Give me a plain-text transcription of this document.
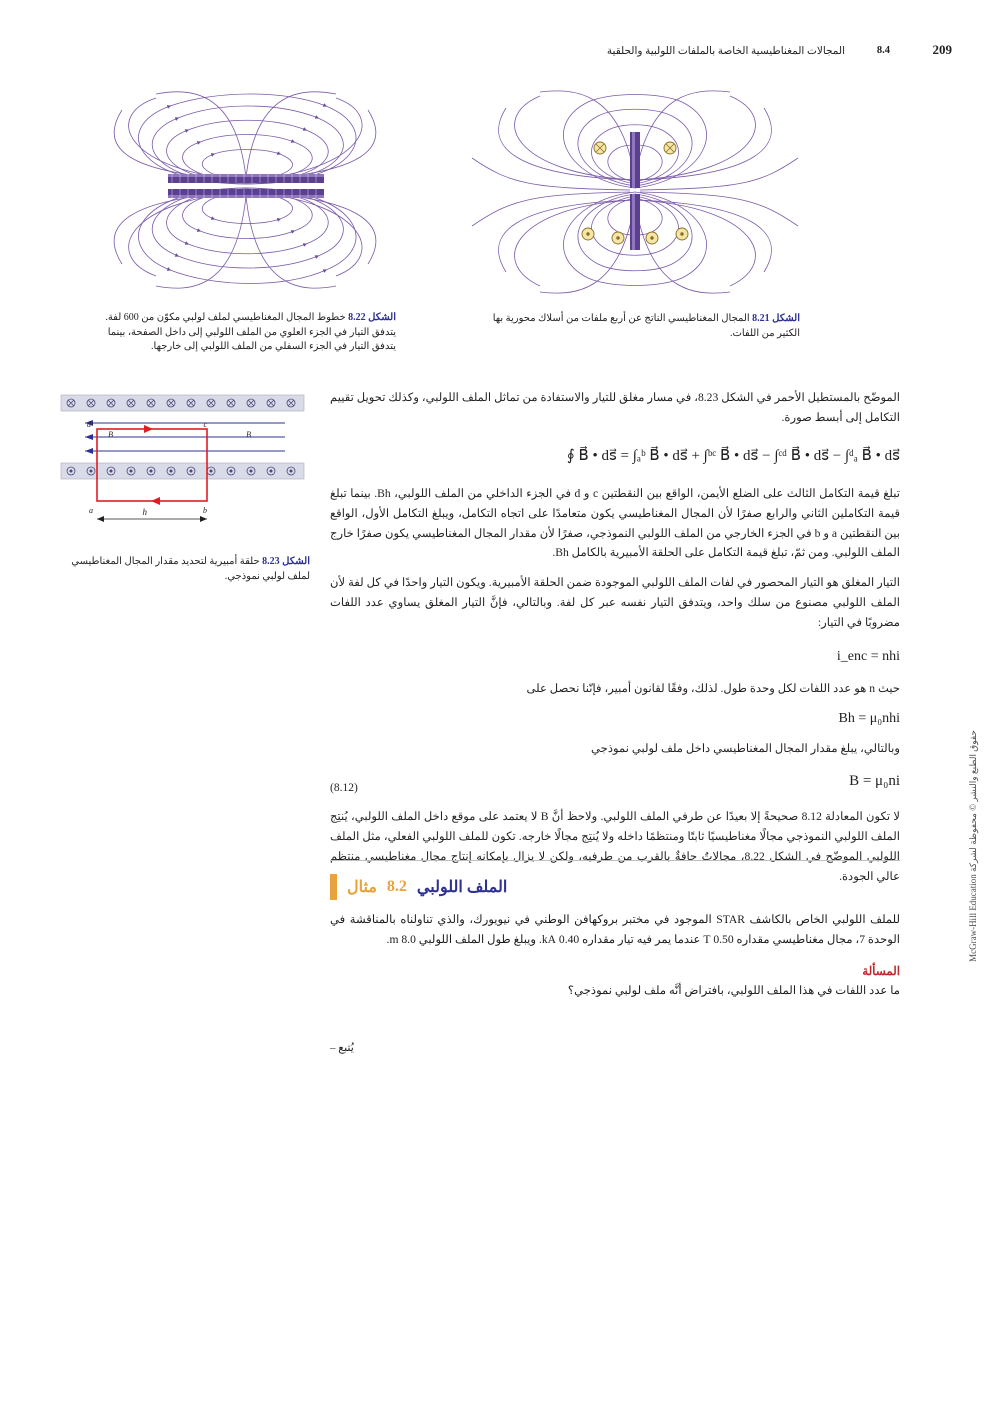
209
8.4
المجالات المغناطيسية الخاصة بالملفات اللولبية والحلقية
الشكل 8.22 خطوط المجال المغناطيسي لملف لولبي مكوّن من 600 لفة. يتدفق التيار في الجزء العلوي من الملف اللولبي إلى داخل الصفحة، بينما يتدفق التيار في الجزء السفلي من الملف اللولبي إلى خارجها.
الشكل 8.21 المجال المغناطيسي الناتج عن أربع ملفات من أسلاك محورية بها الكثير من اللفات.
a	b
c
d
B	B
h
الشكل 8.23 حلقة أمبيرية لتحديد مقدار المجال المغناطيسي لملف لولبي نموذجي.

الموضّح بالمستطيل الأحمر في الشكل 8.23، في مسار مغلق للتيار والاستفادة من تماثل الملف اللولبي، وكذلك تحويل تقييم التكامل إلى أبسط صورة.

∮ B⃗ • ds⃗ = ∫ₐᵇ B⃗ • ds⃗ + ∫ᵇᶜ B⃗ • ds⃗ − ∫ᶜᵈ B⃗ • ds⃗ − ∫ᵈₐ B⃗ • ds⃗

تبلغ قيمة التكامل الثالث على الضلع الأيمن، الواقع بين النقطتين c و d في الجزء الداخلي من الملف اللولبي، Bh. بينما تبلغ قيمة التكاملين الثاني والرابع صفرًا لأن المجال المغناطيسي يكون متعامدًا على اتجاه التكامل، ويبلغ التكامل الأول، الواقع بين النقطتين a و b في الجزء الخارجي من الملف اللولبي النموذجي، صفرًا لأن مقدار المجال المغناطيسي يكون صفرًا خارج الملف اللولبي. ومن ثمّ، تبلغ قيمة التكامل على الحلقة الأمبيرية بالكامل Bh.

التيار المغلق هو التيار المحصور في لفات الملف اللولبي الموجودة ضمن الحلقة الأمبيرية. ويكون التيار واحدًا في كل لفة لأن الملف اللولبي مصنوع من سلك واحد، ويتدفق التيار نفسه عبر كل لفة. وبالتالي، فإنَّ التيار المغلق يساوي عدد اللفات مضروبًا في التيار:

i_enc = nhi

حيث n هو عدد اللفات لكل وحدة طول. لذلك، وفقًا لقانون أمبير، فإنّنا نحصل على

Bh = μ₀nhi

وبالتالي، يبلغ مقدار المجال المغناطيسي داخل ملف لولبي نموذجي

(8.12)	B = μ₀ni

لا تكون المعادلة 8.12 صحيحةً إلا بعيدًا عن طرفي الملف اللولبي. ولاحظ أنَّ B لا يعتمد على موقع داخل الملف اللولبي، يُنتِج الملف اللولبي النموذجي مجالًا مغناطيسيًا ثابتًا ومنتظمًا داخله ولا يُنتِج مجالًا خارجه. تكون للملف اللولبي الفعلي، مثل الملف اللولبي الموضّح في الشكل 8.22، مجالاتٌ حافةٌ بالقرب من طرفيه، ولكن لا يزال بإمكانه إنتاج مجال مغناطيسي منتظم عالي الجودة.

مثال 8.2 الملف اللولبي

للملف اللولبي الخاص بالكاشف STAR الموجود في مختبر بروكهافن الوطني في نيويورك، والذي تناولناه بالمناقشة في الوحدة 7، مجال مغناطيسي مقداره 0.50 T عندما يمر فيه تيار مقداره 0.40 kA. ويبلغ طول الملف اللولبي 8.0 m.

المسألة

ما عدد اللفات في هذا الملف اللولبي، بافتراض أنَّه ملف لولبي نموذجي؟

يُتبع –
حقوق الطبع والنشر © محفوظة لشركة McGraw-Hill Education
